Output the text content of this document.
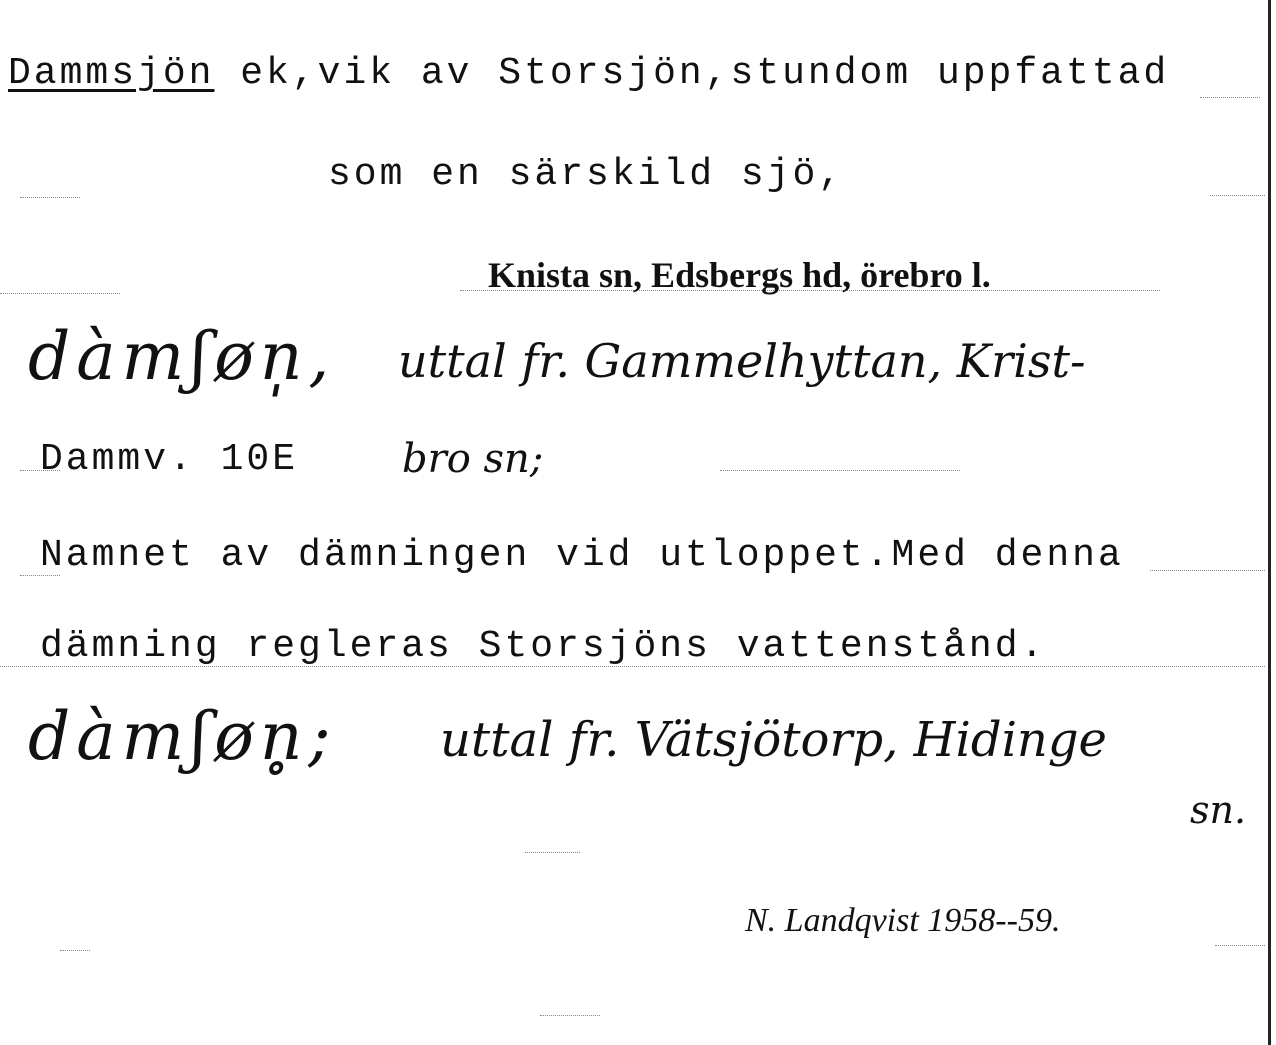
Dammsjön ek,vik av Storsjön,stundom uppfattad
som en särskild sjö,
Knista sn, Edsbergs hd, örebro l.
dàmʃøn̩, uttal fr. Gammelhyttan, Krist-
Dammv. 10E	bro sn;
Namnet av dämningen vid utloppet.Med denna
dämning regleras Storsjöns vattenstånd.
dàmʃøn̥; uttal fr. Vätsjötorp, Hidinge
sn.
N. Landqvist 1958--59.
